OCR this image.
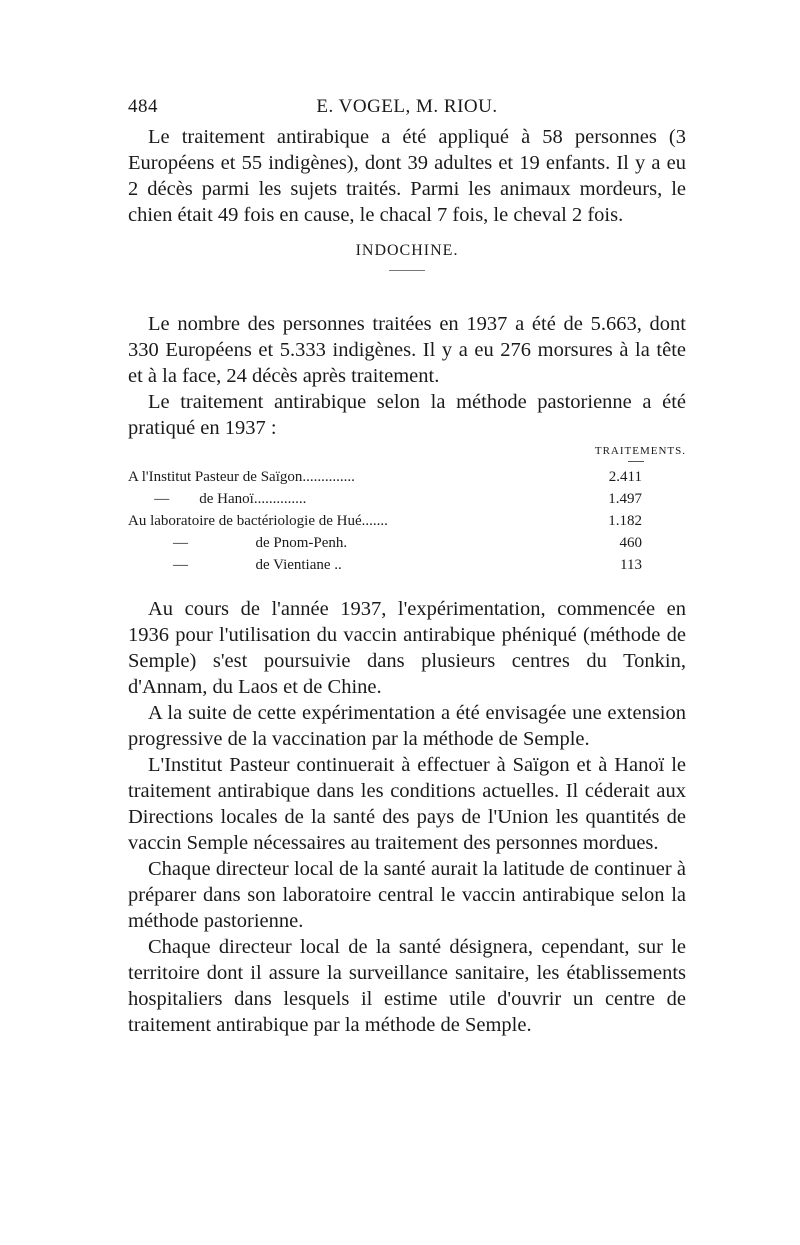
484	E. VOGEL, M. RIOU.

Le traitement antirabique a été appliqué à 58 personnes (3 Européens et 55 indigènes), dont 39 adultes et 19 enfants. Il y a eu 2 décès parmi les sujets traités. Parmi les animaux mordeurs, le chien était 49 fois en cause, le chacal 7 fois, le cheval 2 fois.

INDOCHINE.

Le nombre des personnes traitées en 1937 a été de 5.663, dont 330 Européens et 5.333 indigènes. Il y a eu 276 morsures à la tête et à la face, 24 décès après traitement.

Le traitement antirabique selon la méthode pastorienne a été pratiqué en 1937 :

TRAITEMENTS.
A l'Institut Pasteur de Saïgon..............	2.411
—        de Hanoï..............	1.497
Au laboratoire de bactériologie de Hué.......	1.182
—                  de Pnom-Penh.	460
—                  de Vientiane ..	113

Au cours de l'année 1937, l'expérimentation, commencée en 1936 pour l'utilisation du vaccin antirabique phéniqué (méthode de Semple) s'est poursuivie dans plusieurs centres du Tonkin, d'Annam, du Laos et de Chine.

A la suite de cette expérimentation a été envisagée une extension progressive de la vaccination par la méthode de Semple.

L'Institut Pasteur continuerait à effectuer à Saïgon et à Hanoï le traitement antirabique dans les conditions actuelles. Il céderait aux Directions locales de la santé des pays de l'Union les quantités de vaccin Semple nécessaires au traitement des personnes mordues.

Chaque directeur local de la santé aurait la latitude de continuer à préparer dans son laboratoire central le vaccin antirabique selon la méthode pastorienne.

Chaque directeur local de la santé désignera, cependant, sur le territoire dont il assure la surveillance sanitaire, les établissements hospitaliers dans lesquels il estime utile d'ouvrir un centre de traitement antirabique par la méthode de Semple.
